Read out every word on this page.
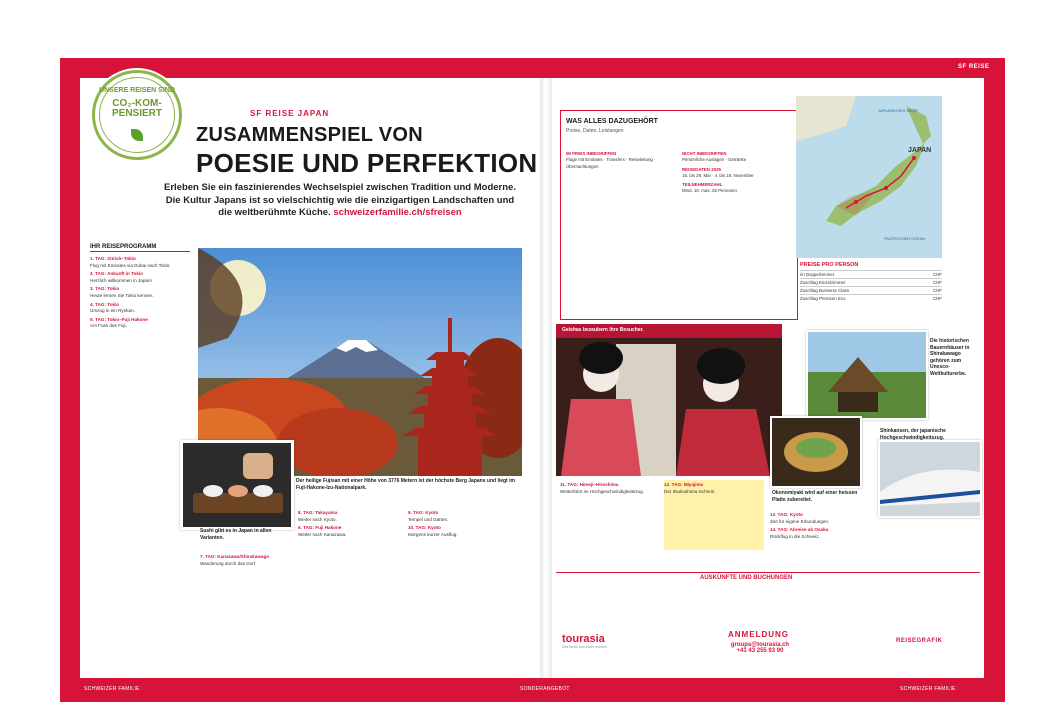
SF REISE
UNSERE REISEN SIND
CO₂-KOM-PENSIERT	SF REISE JAPAN
ZUSAMMENSPIEL VON
POESIE UND PERFEKTION
Erleben Sie ein faszinierendes Wechselspiel zwischen Tradition und Moderne. Die Kultur Japans ist so vielschichtig wie die einzigartigen Landschaften und die weltberühmte Küche. schweizerfamilie.ch/sfreisen
IHR REISEPROGRAMM
1. TAG: Zürich–Tokio
Flug mit Emirates via Dubai nach Tokio.
2. TAG: Ankunft in Tokio
Herzlich willkommen in Japan!
3. TAG: Tokio
Heute lernen Sie Tokio kennen.
4. TAG: Tokio
Umzug in ein Ryokan.
5. TAG: Tokio–Fuji Hakone
Am Fuss des Fuji.
Der heilige Fujisan mit einer Höhe von 3776 Metern ist der höchste Berg Japans und liegt im Fuji-Hakone-Izu-Nationalpark.
Sushi gibt es in Japan in allen Varianten.
7. TAG: Kanazawa/Shirakawago
Wanderung durch das Dorf.
8. TAG: Takayama
Weiter nach Kyoto.
6. TAG: Fuji Hakone
Weiter nach Kanazawa.
9. TAG: Kyoto
Tempel und Gärten.
10. TAG: Kyoto
Morgens kurzer Ausflug.
WAS ALLES DAZUGEHÖRT
Preise, Daten, Leistungen
IM PREIS INBEGRIFFEN
Flüge mit Emirates · Transfers · Reiseleitung · Übernachtungen
NICHT INBEGRIFFEN
Persönliche Auslagen · Getränke
REISEDATEN 2025
15. bis 29. Mai · 4. bis 18. November
TEILNEHMERZAHL
Mind. 10, max. 25 Personen
JAPAN
PAZIFISCHER OZEAN
JAPANISCHES MEER
PREISE PRO PERSON
im Doppelzimmer	CHF
Zuschlag Einzelzimmer	CHF
Zuschlag Business Class	CHF
Zuschlag Premium Eco	CHF
Geishas bezaubern ihre Besucher.
Die historischen Bauernhäuser in Shirakawago gehören zum Unesco-Weltkulturerbe.
Okonomiyaki wird auf einer heissen Platte zubereitet.
Shinkansen, der japanische Hochgeschwindigkeitszug.
11. TAG: Himeji–Hiroshima
Weiterfahrt im Hochgeschwindigkeitszug.
12. TAG: Miyajima
Der Itsukushima-Schrein.
13. TAG: Kyoto
Zeit für eigene Erkundungen.
14. TAG: Abreise ab Osaka
Rückflug in die Schweiz.
AUSKÜNFTE UND BUCHUNGEN
tourasia
Das Beste aus Asien erleben
ANMELDUNG
groups@tourasia.ch
+41 43 255 93 90
REISEGRAFIK
SCHWEIZER FAMILIE	SONDERANGEBOT	SCHWEIZER FAMILIE
